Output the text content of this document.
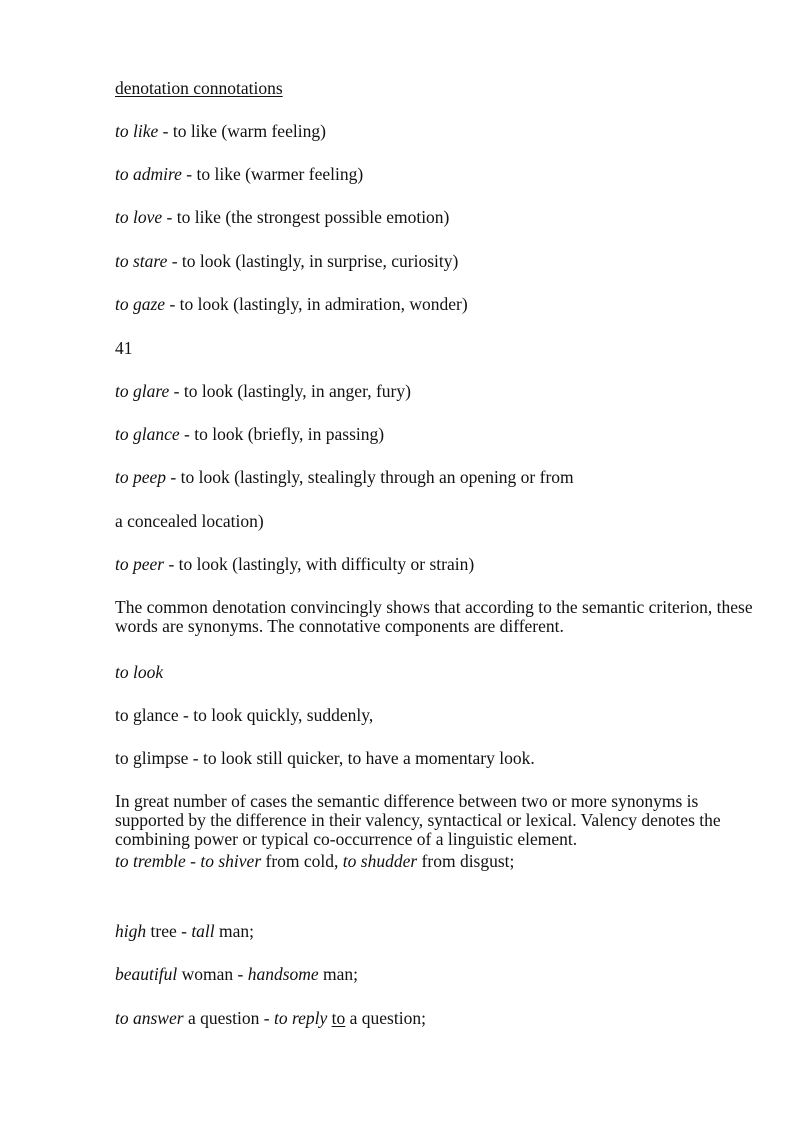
denotation connotations
to like - to like (warm feeling)
to admire - to like (warmer feeling)
to love - to like (the strongest possible emotion)
to stare - to look (lastingly, in surprise, curiosity)
to gaze - to look (lastingly, in admiration, wonder)
41
to glare - to look (lastingly, in anger, fury)
to glance - to look (briefly, in passing)
to peep - to look (lastingly, stealingly through an opening or from
a concealed location)
to peer - to look (lastingly, with difficulty or strain)
The common denotation convincingly shows that according to the semantic criterion, these words are synonyms. The connotative components are different.
to look
to glance - to look quickly, suddenly,
to glimpse - to look still quicker, to have a momentary look.
In great number of cases the semantic difference between two or more synonyms is supported by the difference in their valency, syntactical or lexical. Valency denotes the combining power or typical co-occurrence of a linguistic element.
to tremble - to shiver from cold, to shudder from disgust;
high tree - tall man;
beautiful woman - handsome man;
to answer a question - to reply to a question;
